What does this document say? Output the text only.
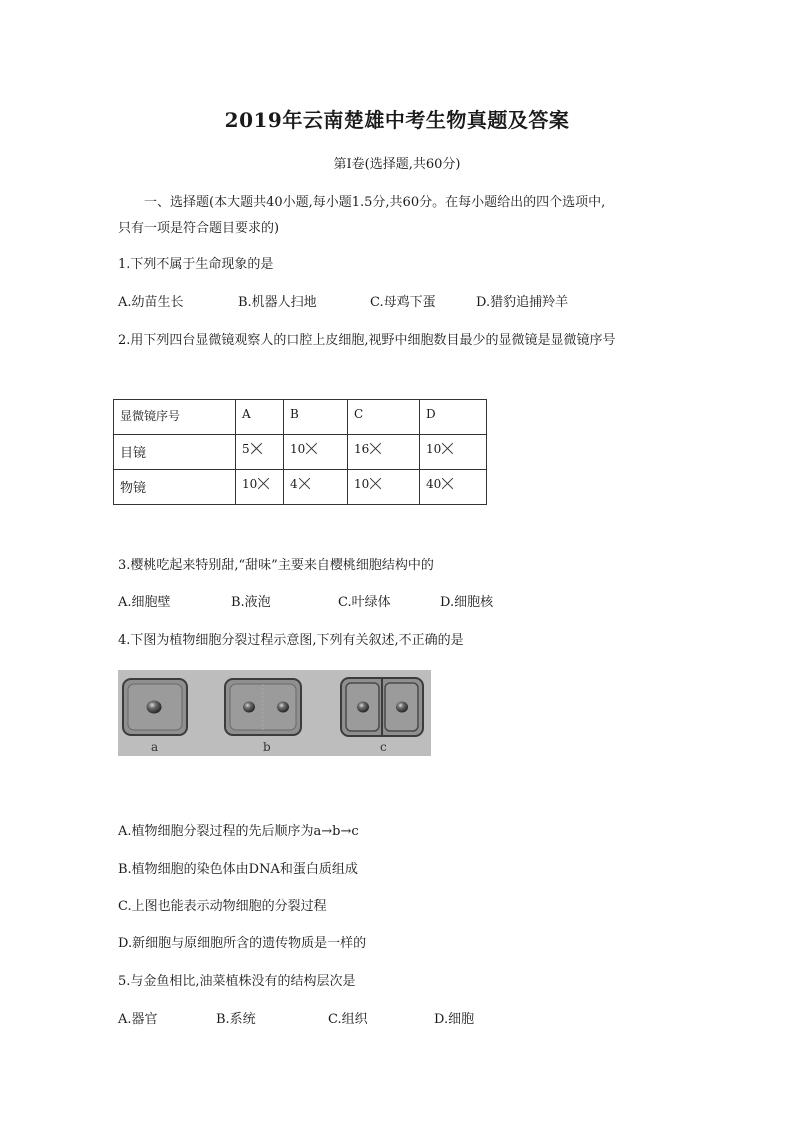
2019年云南楚雄中考生物真题及答案
第Ⅰ卷(选择题,共60分)
一、选择题(本大题共40小题,每小题1.5分,共60分。在每小题给出的四个选项中,
只有一项是符合题目要求的)
1.下列不属于生命现象的是
A.幼苗生长	B.机器人扫地	C.母鸡下蛋	D.猎豹追捕羚羊
2.用下列四台显微镜观察人的口腔上皮细胞,视野中细胞数目最少的显微镜是显微镜序号
显微镜序号	A	B	C	D
目镜	5	10	16	10
物镜	10	4	10	40
3.樱桃吃起来特别甜,“甜味”主要来自樱桃细胞结构中的
A.细胞壁	B.液泡	C.叶绿体	D.细胞核
4.下图为植物细胞分裂过程示意图,下列有关叙述,不正确的是
a	b	c
A.植物细胞分裂过程的先后顺序为a→b→c
B.植物细胞的染色体由DNA和蛋白质组成
C.上图也能表示动物细胞的分裂过程
D.新细胞与原细胞所含的遗传物质是一样的
5.与金鱼相比,油菜植株没有的结构层次是
A.器官	B.系统	C.组织	D.细胞
